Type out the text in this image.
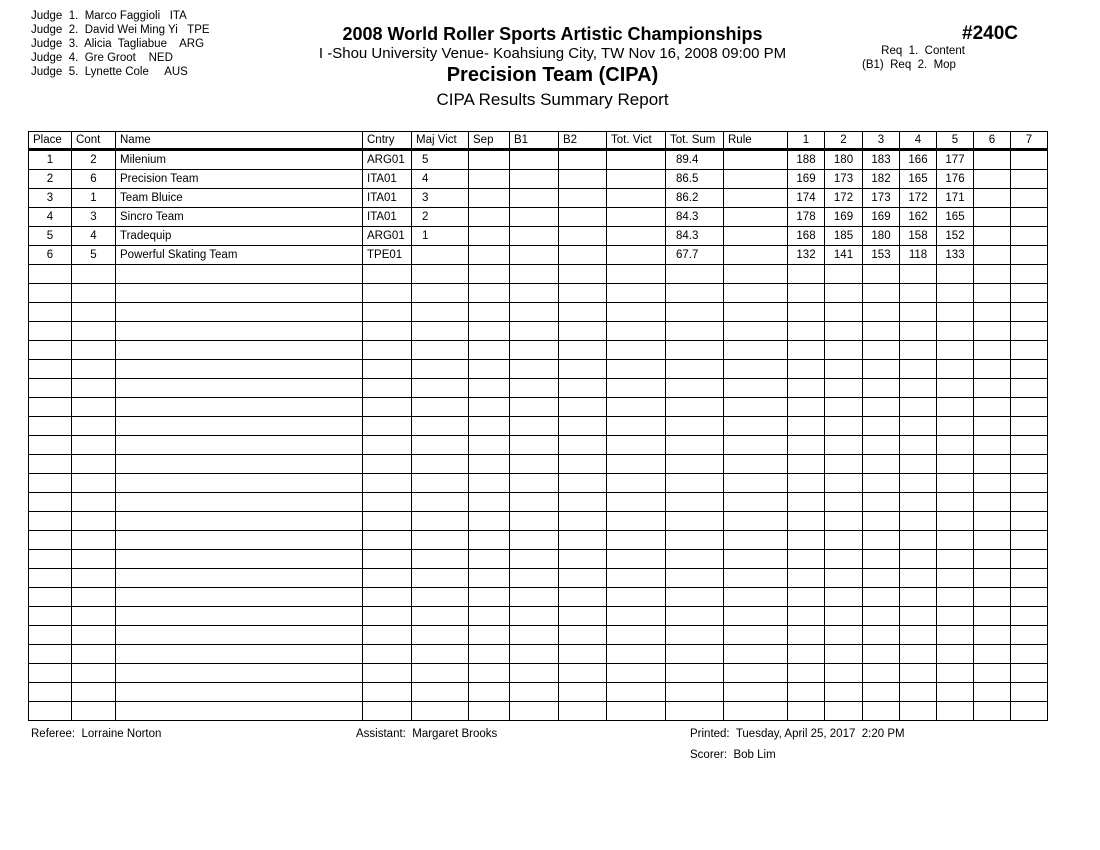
Judge  1.  Marco Faggioli   ITA
Judge  2.  David Wei Ming Yi   TPE
Judge  3.  Alicia  Tagliabue    ARG
Judge  4.  Gre Groot    NED
Judge  5.  Lynette Cole     AUS
2008 World Roller Sports Artistic Championships
I -Shou University Venue- Koahsiung City, TW Nov 16, 2008 09:00 PM
Precision Team (CIPA)
CIPA Results Summary Report
#240C
Req  1.  Content
(B1)  Req  2.  Mop
Place	Cont	Name	Cntry	Maj Vict	Sep	B1	B2	Tot. Vict	Tot. Sum	Rule	1	2	3	4	5	6	7
1	2	Milenium	ARG01	5					89.4		188	180	183	166	177		
2	6	Precision Team	ITA01	4					86.5		169	173	182	165	176		
3	1	Team Bluice	ITA01	3					86.2		174	172	173	172	171		
4	3	Sincro Team	ITA01	2					84.3		178	169	169	162	165		
5	4	Tradequip	ARG01	1					84.3		168	185	180	158	152		
6	5	Powerful Skating Team	TPE01						67.7		132	141	153	118	133		

Referee:  Lorraine Norton	Assistant:  Margaret Brooks	Printed:  Tuesday, April 25, 2017  2:20 PM
Scorer:  Bob Lim
